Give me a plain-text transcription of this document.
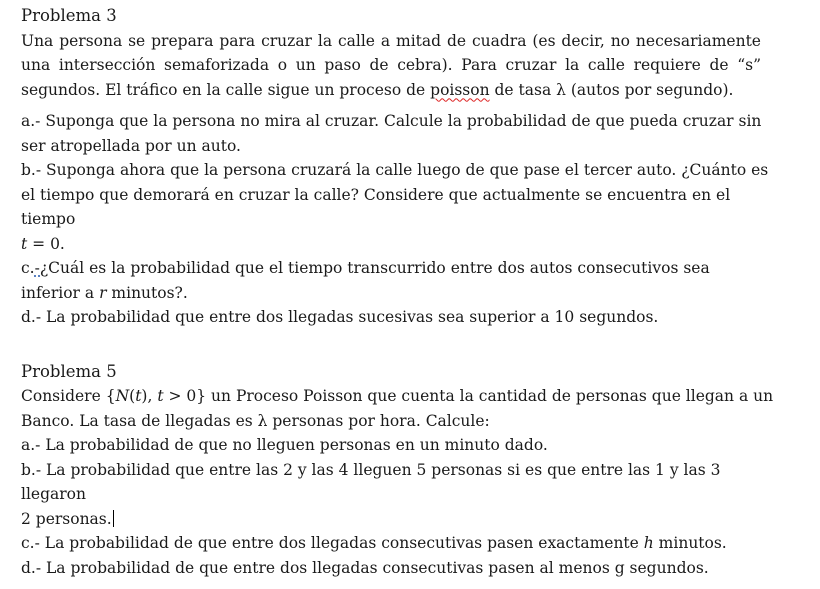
Problema 3
Una persona se prepara para cruzar la calle a mitad de cuadra (es decir, no necesariamente
una intersección semaforizada o un paso de cebra). Para cruzar la calle requiere de “s”
segundos. El tráfico en la calle sigue un proceso de poisson de tasa λ (autos por segundo).
a.- Suponga que la persona no mira al cruzar. Calcule la probabilidad de que pueda cruzar sin
ser atropellada por un auto.
b.- Suponga ahora que la persona cruzará la calle luego de que pase el tercer auto. ¿Cuánto es
el tiempo que demorará en cruzar la calle? Considere que actualmente se encuentra en el
tiempo
t = 0.
c.-¿Cuál es la probabilidad que el tiempo transcurrido entre dos autos consecutivos sea
inferior a r minutos?.
d.- La probabilidad que entre dos llegadas sucesivas sea superior a 10 segundos.
Problema 5
Considere {N(t), t > 0} un Proceso Poisson que cuenta la cantidad de personas que llegan a un
Banco. La tasa de llegadas es λ personas por hora. Calcule:
a.- La probabilidad de que no lleguen personas en un minuto dado.
b.- La probabilidad que entre las 2 y las 4 lleguen 5 personas si es que entre las 1 y las 3
llegaron
2 personas.
c.- La probabilidad de que entre dos llegadas consecutivas pasen exactamente h minutos.
d.- La probabilidad de que entre dos llegadas consecutivas pasen al menos g segundos.
